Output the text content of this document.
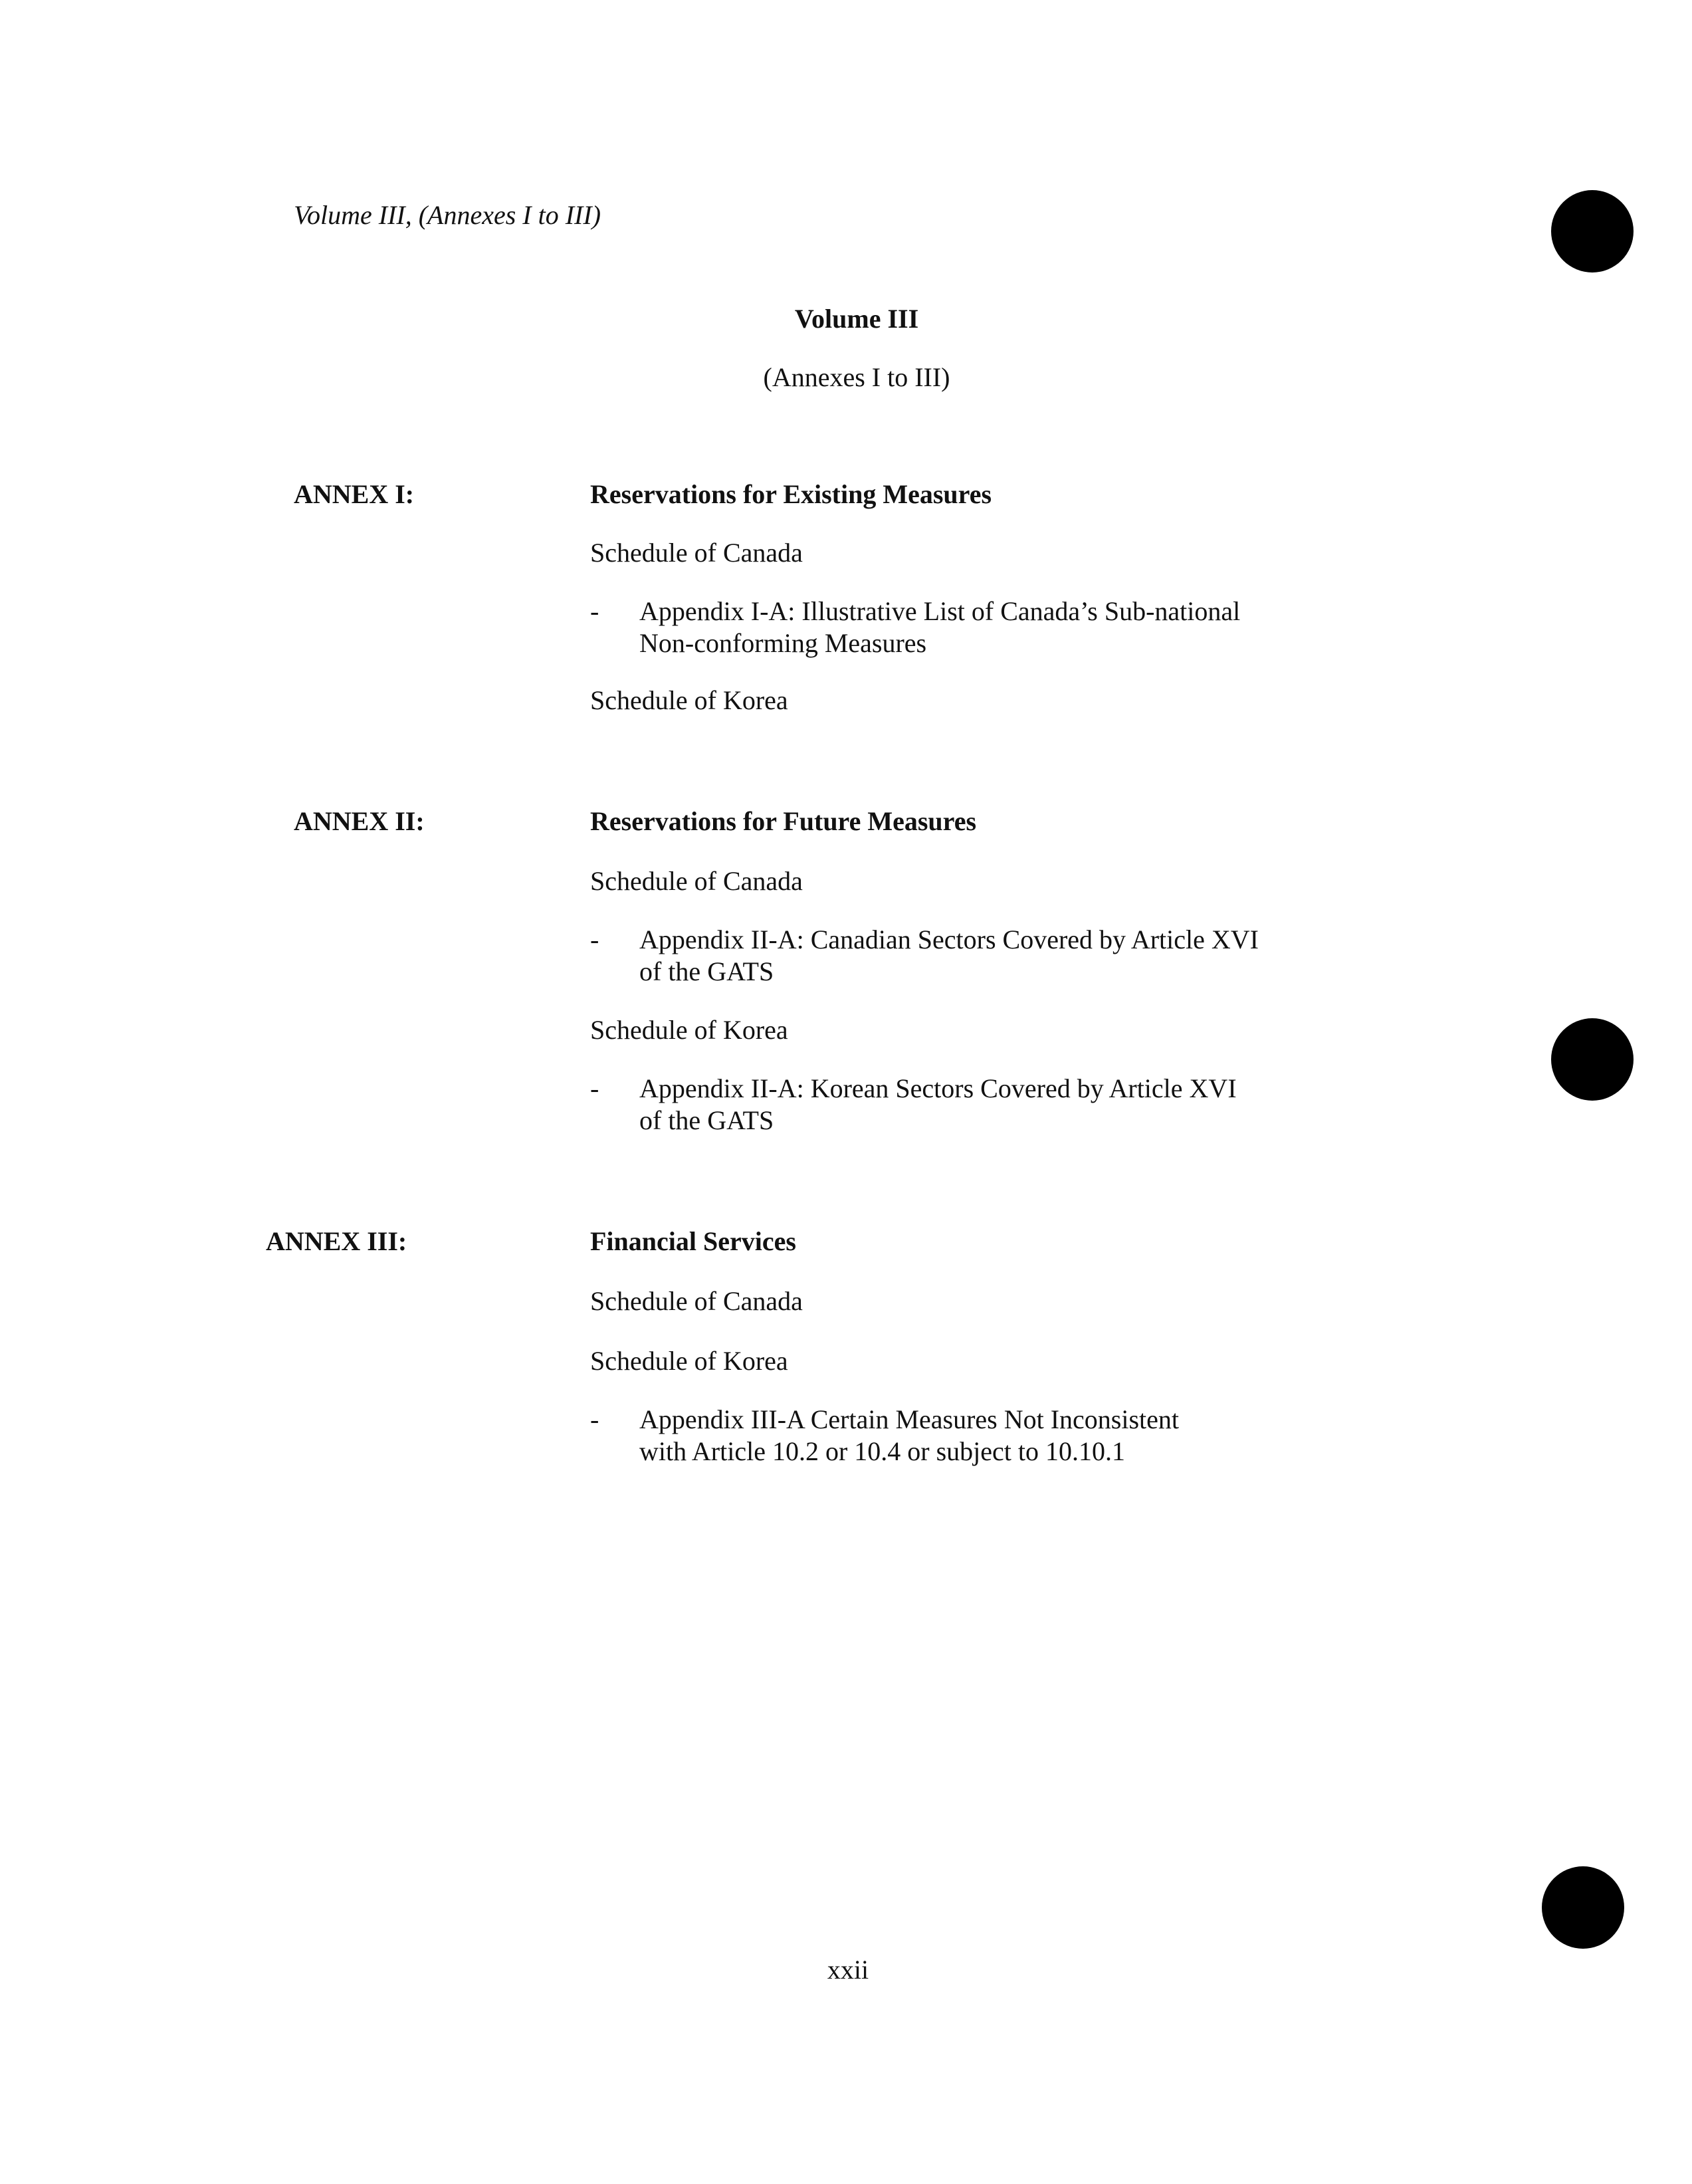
Volume III, (Annexes I to III)
Volume III
(Annexes I to III)
ANNEX I:	Reservations for Existing Measures
Schedule of Canada
- Appendix I-A: Illustrative List of Canada’s Sub-national
Non-conforming Measures
Schedule of Korea
ANNEX II:	Reservations for Future Measures
Schedule of Canada
- Appendix II-A: Canadian Sectors Covered by Article XVI
of the GATS
Schedule of Korea
- Appendix II-A: Korean Sectors Covered by Article XVI
of the GATS
ANNEX III:	Financial Services
Schedule of Canada
Schedule of Korea
- Appendix III-A Certain Measures Not Inconsistent
with Article 10.2 or 10.4 or subject to 10.10.1
xxii
